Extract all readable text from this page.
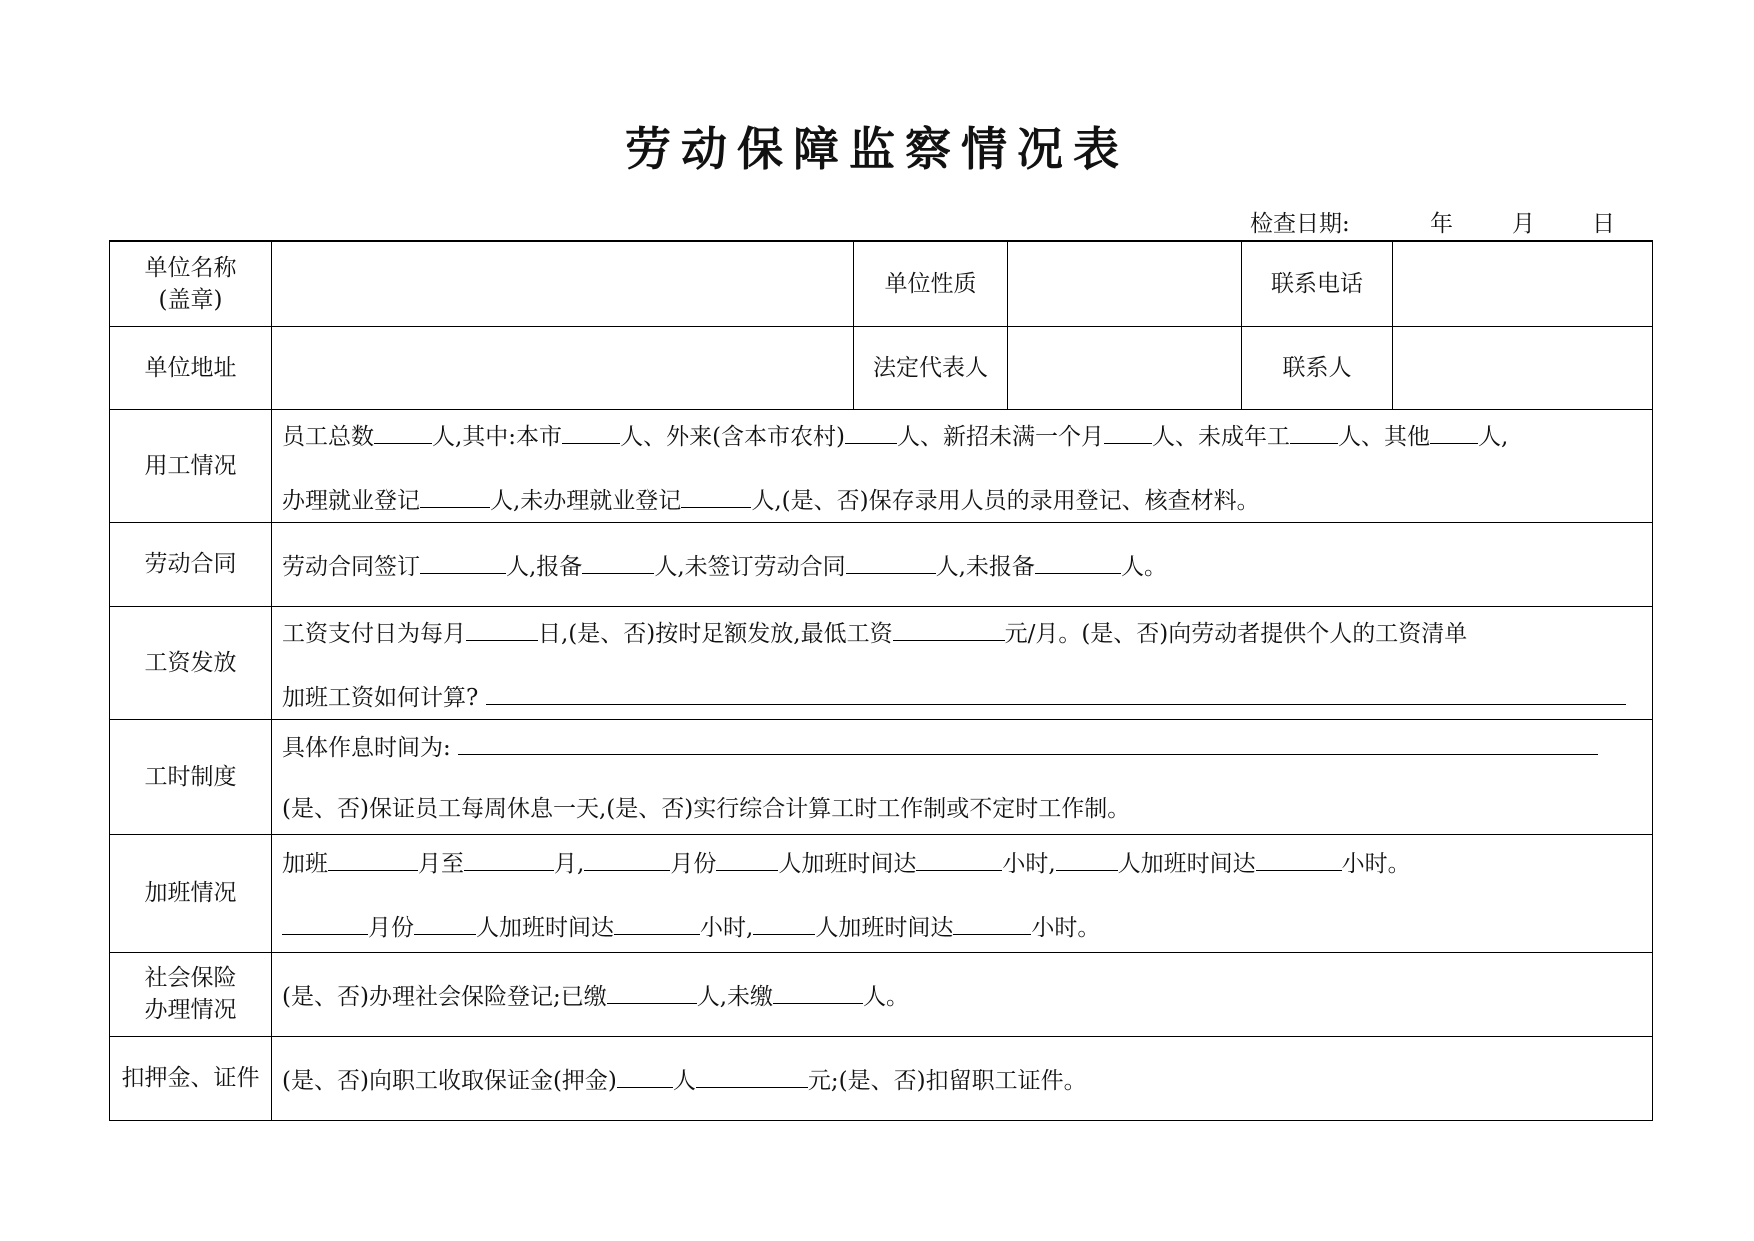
劳动保障监察情况表
检查日期:	年	月 日
单位名称
(盖章)		单位性质		联系电话	
单位地址		法定代表人		联系人	
用工情况	员工总数 人,其中:本市 人、外来(含本市农村) 人、新招未满一个月 人、未成年工 人、其他 人,
办理就业登记 人,未办理就业登记 人,(是、否)保存录用人员的录用登记、核查材料。				

劳动合同	劳动合同签订 人,报备 人,未签订劳动合同 人,未报备 人。				

工资发放	工资支付日为每月 日,(是、否)按时足额发放,最低工资 元/月。(是、否)向劳动者提供个人的工资清单
加班工资如何计算?				

工时制度	具体作息时间为:
(是、否)保证员工每周休息一天,(是、否)实行综合计算工时工作制或不定时工作制。				

加班情况	加班 月至 月, 月份 人加班时间达 小时, 人加班时间达 小时。
月份 人加班时间达 小时, 人加班时间达 小时。				

社会保险
办理情况	(是、否)办理社会保险登记;已缴 人,未缴 人。				

扣押金、证件	(是、否)向职工收取保证金(押金) 人 元;(是、否)扣留职工证件。				
